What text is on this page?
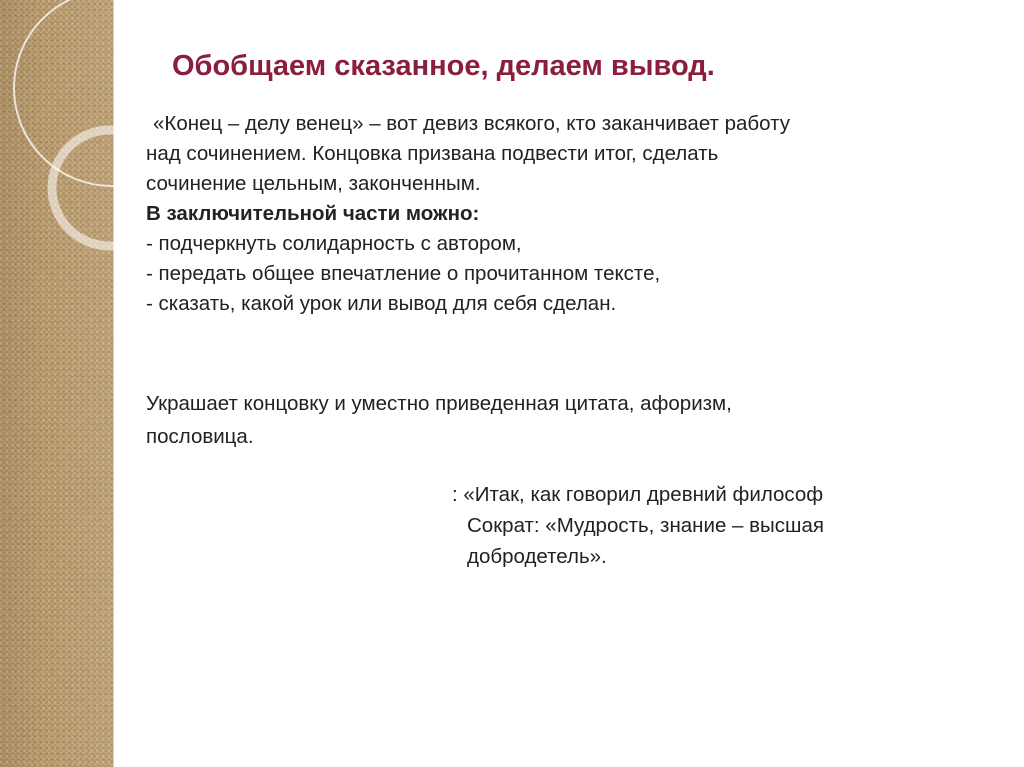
Обобщаем сказанное, делаем вывод.
«Конец – делу венец» – вот девиз всякого, кто заканчивает работу
над сочинением. Концовка призвана подвести итог, сделать
сочинение цельным, законченным.
В заключительной части можно:
- подчеркнуть солидарность с автором,
- передать общее впечатление о прочитанном тексте,
- сказать, какой урок или вывод для себя сделан.
Украшает концовку и уместно приведенная цитата, афоризм,
пословица.
: «Итак, как говорил древний философ
Сократ: «Мудрость, знание – высшая
добродетель».
